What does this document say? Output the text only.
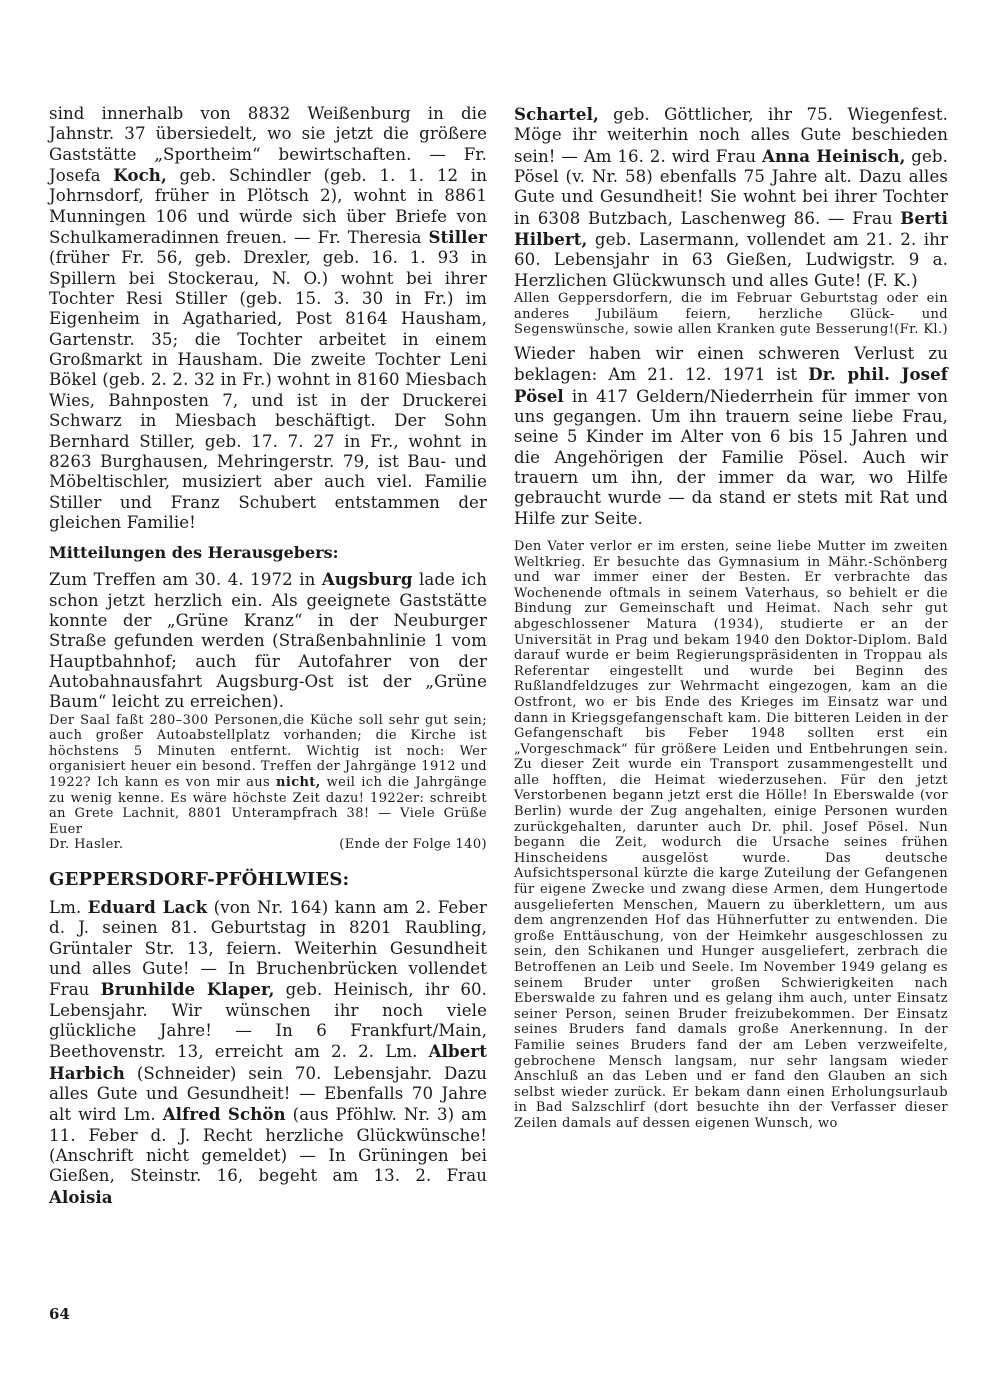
sind innerhalb von 8832 Weißenburg in die Jahnstr. 37 übersiedelt, wo sie jetzt die größere Gaststätte „Sportheim“ bewirtschaften. — Fr. Josefa Koch, geb. Schindler (geb. 1. 1. 12 in Johrnsdorf, früher in Plötsch 2), wohnt in 8861 Munningen 106 und würde sich über Briefe von Schulkameradinnen freuen. — Fr. Theresia Stiller (früher Fr. 56, geb. Drexler, geb. 16. 1. 93 in Spillern bei Stockerau, N. O.) wohnt bei ihrer Tochter Resi Stiller (geb. 15. 3. 30 in Fr.) im Eigenheim in Agatharied, Post 8164 Hausham, Gartenstr. 35; die Tochter arbeitet in einem Großmarkt in Hausham. Die zweite Tochter Leni Bökel (geb. 2. 2. 32 in Fr.) wohnt in 8160 Miesbach Wies, Bahnposten 7, und ist in der Druckerei Schwarz in Miesbach beschäftigt. Der Sohn Bernhard Stiller, geb. 17. 7. 27 in Fr., wohnt in 8263 Burghausen, Mehringerstr. 79, ist Bau- und Möbeltischler, musiziert aber auch viel. Familie Stiller und Franz Schubert entstammen der gleichen Familie!

Mitteilungen des Herausgebers:

Zum Treffen am 30. 4. 1972 in Augsburg lade ich schon jetzt herzlich ein. Als geeignete Gaststätte konnte der „Grüne Kranz“ in der Neuburger Straße gefunden werden (Straßenbahnlinie 1 vom Hauptbahnhof; auch für Autofahrer von der Autobahnausfahrt Augsburg-Ost ist der „Grüne Baum“ leicht zu erreichen).

Der Saal faßt 280–300 Personen,die Küche soll sehr gut sein; auch großer Autoabstellplatz vorhanden; die Kirche ist höchstens 5 Minuten entfernt. Wichtig ist noch: Wer organisiert heuer ein besond. Treffen der Jahrgänge 1912 und 1922? Ich kann es von mir aus nicht, weil ich die Jahrgänge zu wenig kenne. Es wäre höchste Zeit dazu! 1922er: schreibt an Grete Lachnit, 8801 Unterampfrach 38! — Viele Grüße Euer

Dr. Hasler.	(Ende der Folge 140)
GEPPERSDORF-PFÖHLWIES:

Lm. Eduard Lack (von Nr. 164) kann am 2. Feber d. J. seinen 81. Geburtstag in 8201 Raubling, Grüntaler Str. 13, feiern. Weiterhin Gesundheit und alles Gute! — In Bruchenbrücken vollendet Frau Brunhilde Klaper, geb. Heinisch, ihr 60. Lebensjahr. Wir wünschen ihr noch viele glückliche Jahre! — In 6 Frankfurt/Main, Beethovenstr. 13, erreicht am 2. 2. Lm. Albert Harbich (Schneider) sein 70. Lebensjahr. Dazu alles Gute und Gesundheit! — Ebenfalls 70 Jahre alt wird Lm. Alfred Schön (aus Pföhlw. Nr. 3) am 11. Feber d. J. Recht herzliche Glückwünsche! (Anschrift nicht gemeldet) — In Grüningen bei Gießen, Steinstr. 16, begeht am 13. 2. Frau Aloisia

Schartel, geb. Göttlicher, ihr 75. Wiegenfest. Möge ihr weiterhin noch alles Gute beschieden sein! — Am 16. 2. wird Frau Anna Heinisch, geb. Pösel (v. Nr. 58) ebenfalls 75 Jahre alt. Dazu alles Gute und Gesundheit! Sie wohnt bei ihrer Tochter in 6308 Butzbach, Laschenweg 86. — Frau Berti Hilbert, geb. Lasermann, vollendet am 21. 2. ihr 60. Lebensjahr in 63 Gießen, Ludwigstr. 9 a. Herzlichen Glückwunsch und alles Gute! (F. K.)

Allen Geppersdorfern, die im Februar Geburtstag oder ein anderes Jubiläum feiern, herzliche Glück- und Segenswünsche, sowie allen Kranken gute Besserung! (Fr. Kl.)

Wieder haben wir einen schweren Verlust zu beklagen: Am 21. 12. 1971 ist Dr. phil. Josef Pösel in 417 Geldern/Niederrhein für immer von uns gegangen. Um ihn trauern seine liebe Frau, seine 5 Kinder im Alter von 6 bis 15 Jahren und die Angehörigen der Familie Pösel. Auch wir trauern um ihn, der immer da war, wo Hilfe gebraucht wurde — da stand er stets mit Rat und Hilfe zur Seite.

Den Vater verlor er im ersten, seine liebe Mutter im zweiten Weltkrieg. Er besuchte das Gymnasium in Mähr.-Schönberg und war immer einer der Besten. Er verbrachte das Wochenende oftmals in seinem Vaterhaus, so behielt er die Bindung zur Gemeinschaft und Heimat. Nach sehr gut abgeschlossener Matura (1934), studierte er an der Universität in Prag und bekam 1940 den Doktor-Diplom. Bald darauf wurde er beim Regierungspräsidenten in Troppau als Referentar eingestellt und wurde bei Beginn des Rußlandfeldzuges zur Wehrmacht eingezogen, kam an die Ostfront, wo er bis Ende des Krieges im Einsatz war und dann in Kriegsgefangenschaft kam. Die bitteren Leiden in der Gefangenschaft bis Feber 1948 sollten erst ein „Vorgeschmack“ für größere Leiden und Entbehrungen sein. Zu dieser Zeit wurde ein Transport zusammengestellt und alle hofften, die Heimat wiederzusehen. Für den jetzt Verstorbenen begann jetzt erst die Hölle! In Eberswalde (vor Berlin) wurde der Zug angehalten, einige Personen wurden zurückgehalten, darunter auch Dr. phil. Josef Pösel. Nun begann die Zeit, wodurch die Ursache seines frühen Hinscheidens ausgelöst wurde. Das deutsche Aufsichtspersonal kürzte die karge Zuteilung der Gefangenen für eigene Zwecke und zwang diese Armen, dem Hungertode ausgelieferten Menschen, Mauern zu überklettern, um aus dem angrenzenden Hof das Hühnerfutter zu entwenden. Die große Enttäuschung, von der Heimkehr ausgeschlossen zu sein, den Schikanen und Hunger ausgeliefert, zerbrach die Betroffenen an Leib und Seele. Im November 1949 gelang es seinem Bruder unter großen Schwierigkeiten nach Eberswalde zu fahren und es gelang ihm auch, unter Einsatz seiner Person, seinen Bruder freizubekommen. Der Einsatz seines Bruders fand damals große Anerkennung. In der Familie seines Bruders fand der am Leben verzweifelte, gebrochene Mensch langsam, nur sehr langsam wieder Anschluß an das Leben und er fand den Glauben an sich selbst wieder zurück. Er bekam dann einen Erholungsurlaub in Bad Salzschlirf (dort besuchte ihn der Verfasser dieser Zeilen damals auf dessen eigenen Wunsch, wo

64
